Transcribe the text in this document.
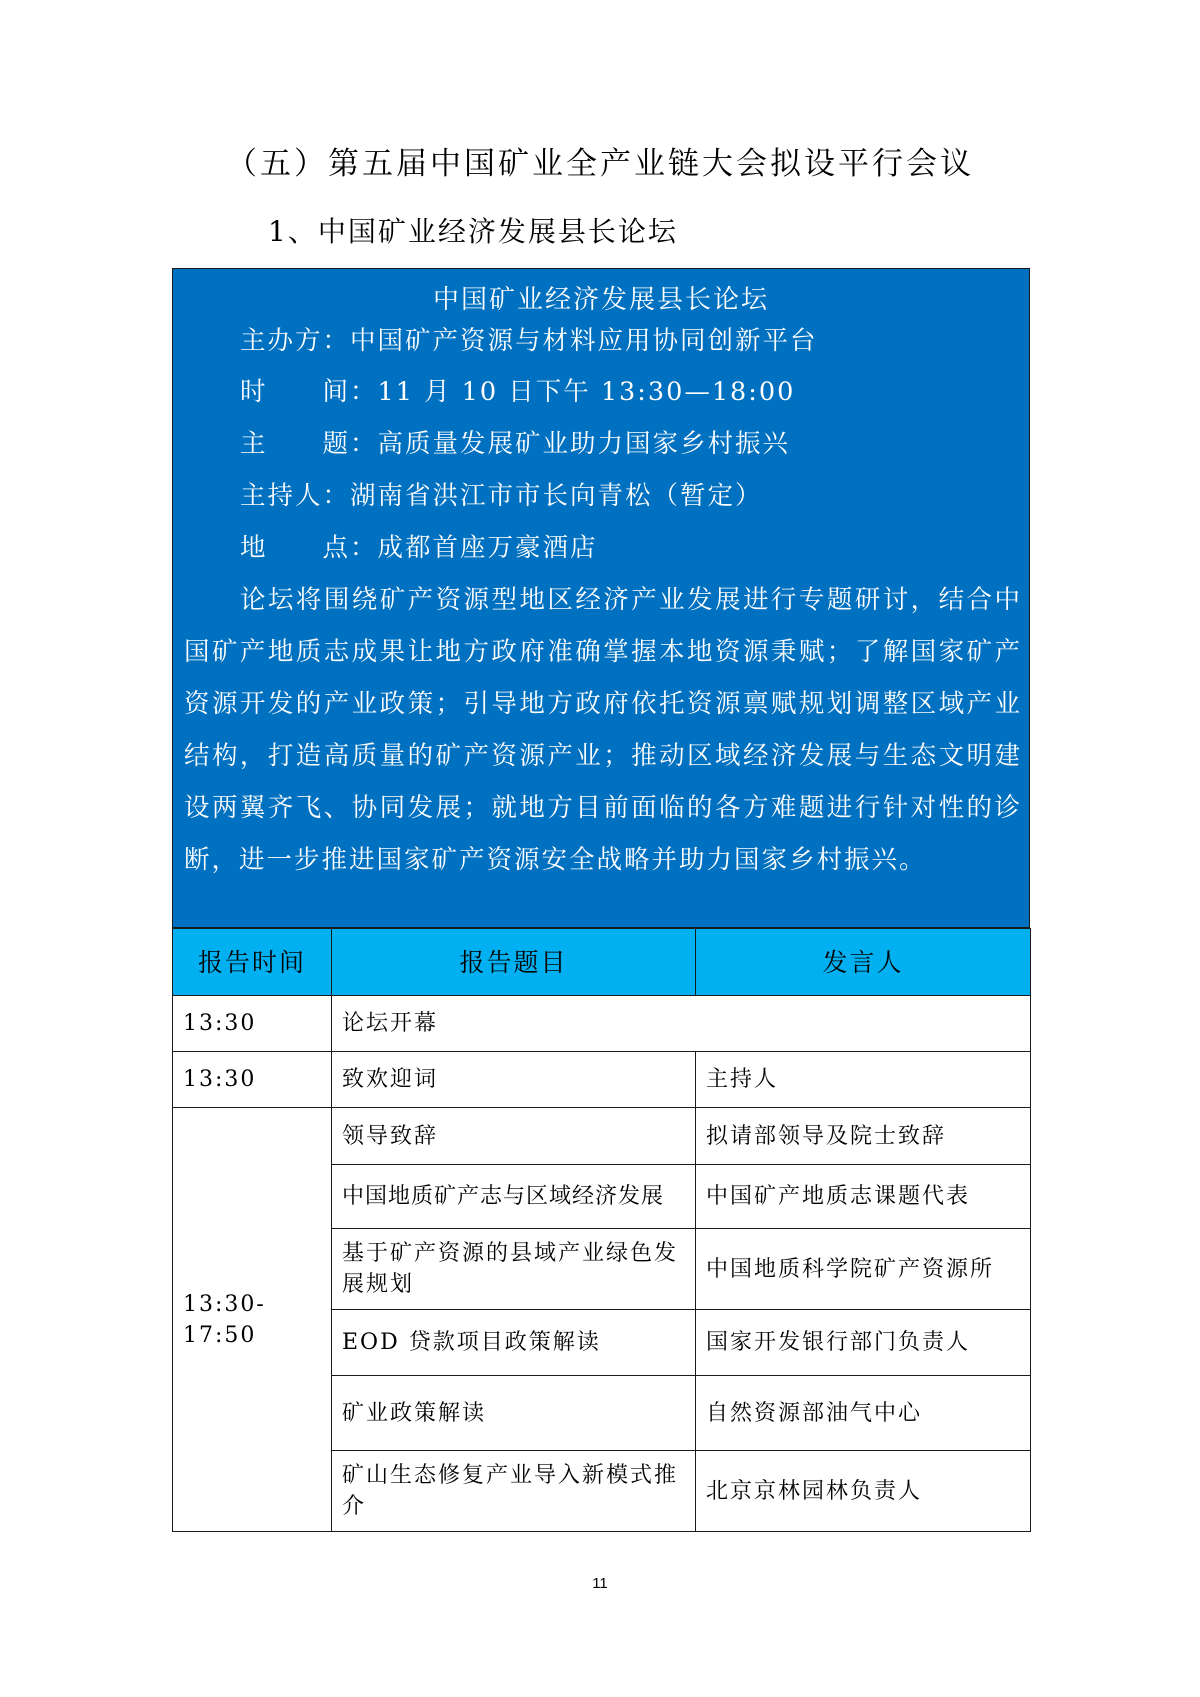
（五）第五届中国矿业全产业链大会拟设平行会议
1、中国矿业经济发展县长论坛
中国矿业经济发展县长论坛
主办方：中国矿产资源与材料应用协同创新平台
时　　间：11 月 10 日下午 13:30—18:00
主　　题：高质量发展矿业助力国家乡村振兴
主持人：湖南省洪江市市长向青松（暂定）
地　　点：成都首座万豪酒店
论坛将围绕矿产资源型地区经济产业发展进行专题研讨，结合中
国矿产地质志成果让地方政府准确掌握本地资源秉赋；了解国家矿产
资源开发的产业政策；引导地方政府依托资源禀赋规划调整区域产业
结构，打造高质量的矿产资源产业；推动区域经济发展与生态文明建
设两翼齐飞、协同发展；就地方目前面临的各方难题进行针对性的诊
断，进一步推进国家矿产资源安全战略并助力国家乡村振兴。
报告时间	报告题目	发言人
13:30	论坛开幕	
13:30	致欢迎词	主持人
13:30-17:50	领导致辞	拟请部领导及院士致辞
	中国地质矿产志与区域经济发展	中国矿产地质志课题代表
	基于矿产资源的县域产业绿色发展规划	中国地质科学院矿产资源所
	EOD 贷款项目政策解读	国家开发银行部门负责人
	矿业政策解读	自然资源部油气中心
	矿山生态修复产业导入新模式推介	北京京林园林负责人
11
